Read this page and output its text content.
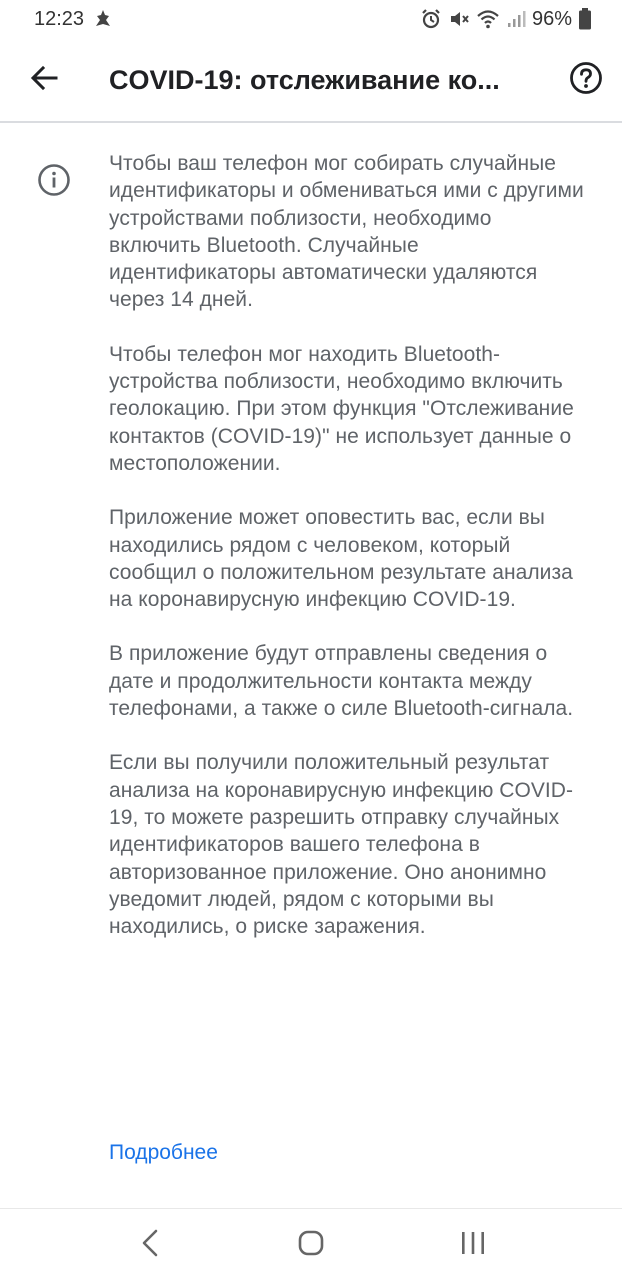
12:23	96%
COVID-19: отслеживание ко...

Чтобы ваш телефон мог собирать случайные идентификаторы и обмениваться ими с другими устройствами поблизости, необходимо включить Bluetooth. Случайные идентификаторы автоматически удаляются через 14 дней.

Чтобы телефон мог находить Bluetooth-устройства поблизости, необходимо включить геолокацию. При этом функция "Отслеживание контактов (COVID-19)" не использует данные о местоположении.

Приложение может оповестить вас, если вы находились рядом с человеком, который сообщил о положительном результате анализа на коронавирусную инфекцию COVID-19.

В приложение будут отправлены сведения о дате и продолжительности контакта между телефонами, а также о силе Bluetooth-сигнала.

Если вы получили положительный результат анализа на коронавирусную инфекцию COVID-19, то можете разрешить отправку случайных идентификаторов вашего телефона в авторизованное приложение. Оно анонимно уведомит людей, рядом с которыми вы находились, о риске заражения.

Подробнее
